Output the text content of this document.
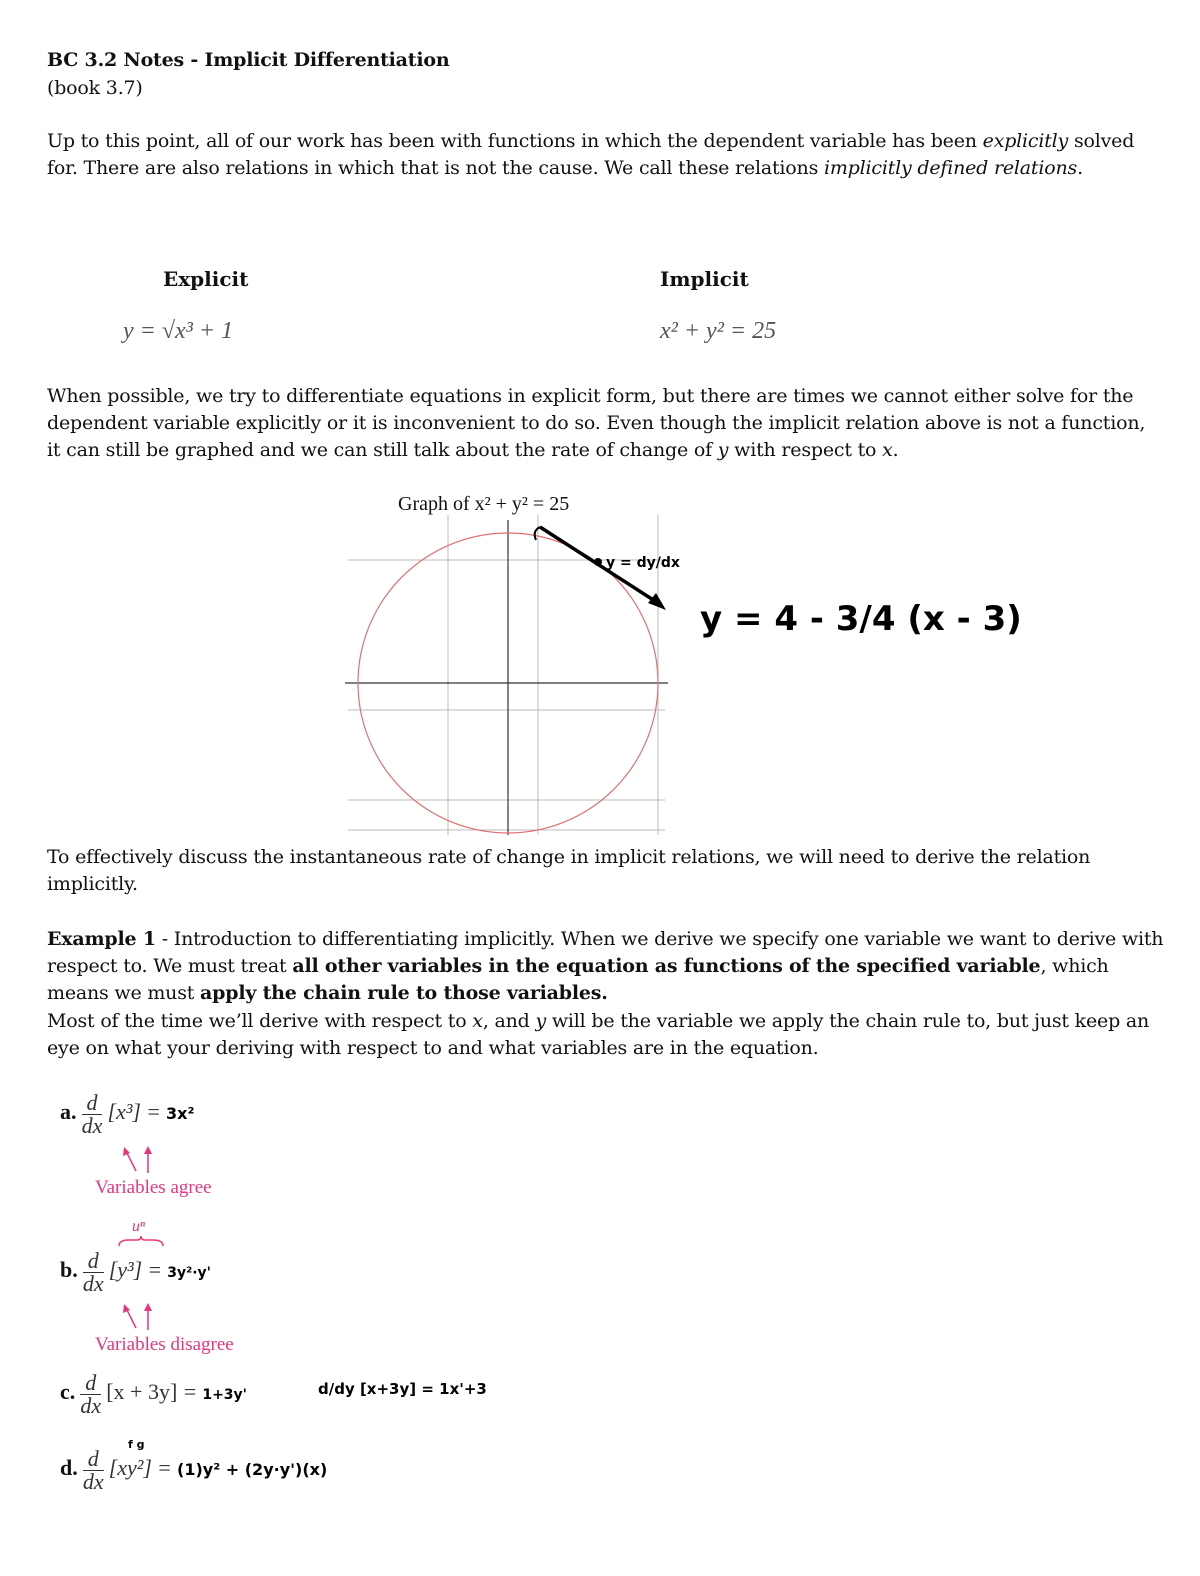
BC 3.2 Notes - Implicit Differentiation
(book 3.7)
Up to this point, all of our work has been with functions in which the dependent variable has been explicitly solved for. There are also relations in which that is not the cause. We call these relations implicitly defined relations.
Explicit
y = √x³ + 1
Implicit
x² + y² = 25
When possible, we try to differentiate equations in explicit form, but there are times we cannot either solve for the dependent variable explicitly or it is inconvenient to do so. Even though the implicit relation above is not a function, it can still be graphed and we can still talk about the rate of change of y with respect to x.
Graph of x² + y² = 25
y = dy/dx
y = 4 - 3/4 (x - 3)
To effectively discuss the instantaneous rate of change in implicit relations, we will need to derive the relation implicitly.
Example 1 - Introduction to differentiating implicitly. When we derive we specify one variable we want to derive with respect to. We must treat all other variables in the equation as functions of the specified variable, which means we must apply the chain rule to those variables.
Most of the time we’ll derive with respect to x, and y will be the variable we apply the chain rule to, but just keep an eye on what your deriving with respect to and what variables are in the equation.
a. $\frac{d}{dx} [x^3] = 3x^2$
Variables agree
uⁿ
b. $\frac{d}{dx} [y^3] = 3y^2\cdot y'$
Variables disagree
c. $\frac{d}{dx} [x + 3y] = 1+3y'$	d/dy [x+3y] = 1x'+3
f g
d. $\frac{d}{dx} [xy^2] = (1)y^2 + (2y\cdot y')(x)$
